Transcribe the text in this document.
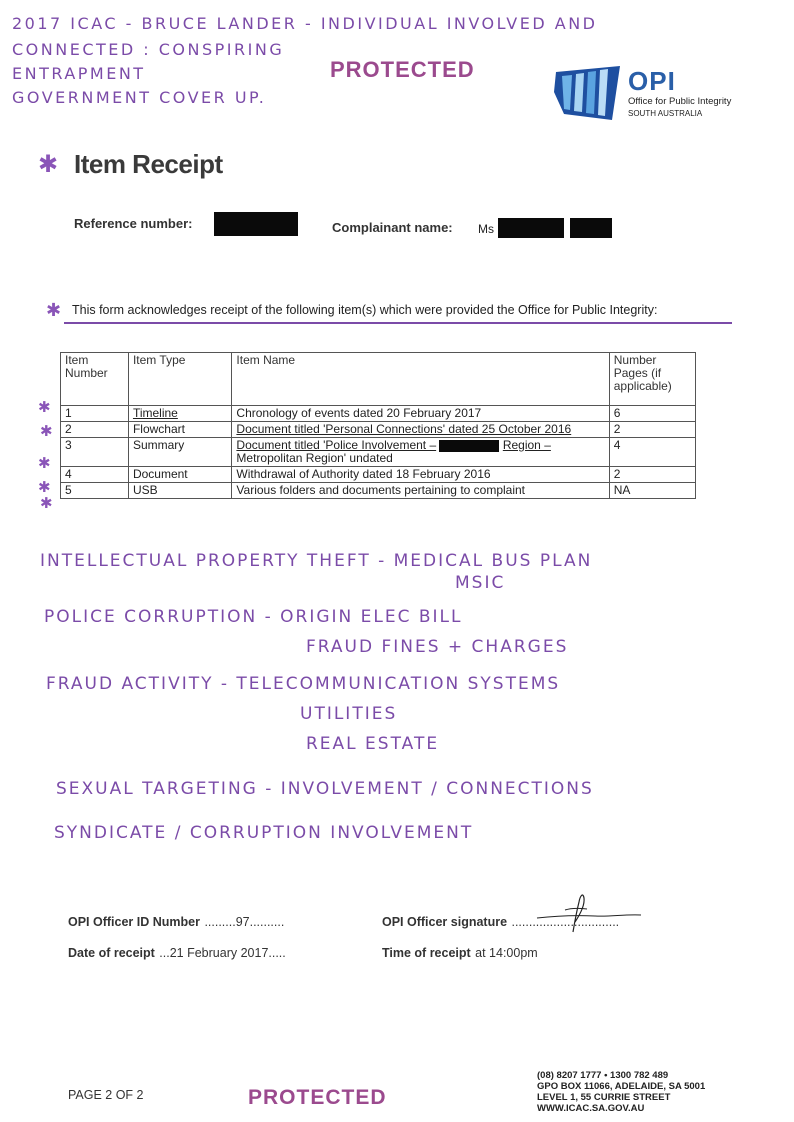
2017 ICAC - BRUCE LANDER - INDIVIDUAL INVOLVED AND
CONNECTED : CONSPIRING
ENTRAPMENT
GOVERNMENT COVER UP.
PROTECTED	OPI
Office for Public Integrity
SOUTH AUSTRALIA
✱ Item Receipt
Reference number:	Complainant name: Ms
✱ This form acknowledges receipt of the following item(s) which were provided the Office for Public Integrity:
Item Number	Item Type	Item Name	Number Pages (if applicable)
1	Timeline	Chronology of events dated 20 February 2017	6
2	Flowchart	Document titled 'Personal Connections' dated 25 October 2016	2
3	Summary	Document titled 'Police Involvement – Region –
Metropolitan Region' undated	4
4	Document	Withdrawal of Authority dated 18 February 2016	2
5	USB	Various folders and documents pertaining to complaint	NA
✱
✱
✱
✱
✱
INTELLECTUAL PROPERTY THEFT - MEDICAL BUS PLAN
MSIC
POLICE CORRUPTION - ORIGIN ELEC BILL
FRAUD FINES + CHARGES
FRAUD ACTIVITY - TELECOMMUNICATION SYSTEMS
UTILITIES
REAL ESTATE
SEXUAL TARGETING - INVOLVEMENT / CONNECTIONS
SYNDICATE / CORRUPTION INVOLVEMENT
OPI Officer ID Number .........97..........	OPI Officer signature ...............................
Date of receipt ...21 February 2017.....	Time of receipt at 14:00pm
PAGE 2 OF 2	PROTECTED
(08) 8207 1777 • 1300 782 489
GPO BOX 11066, ADELAIDE, SA 5001
LEVEL 1, 55 CURRIE STREET
WWW.ICAC.SA.GOV.AU
